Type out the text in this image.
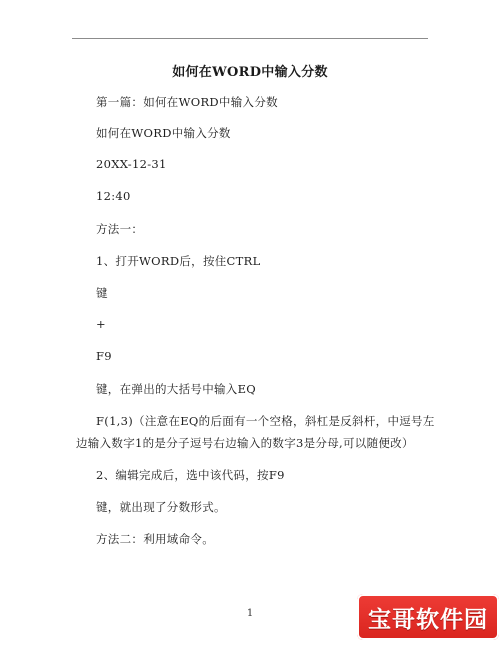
如何在WORD中输入分数
第一篇：如何在WORD中输入分数
如何在WORD中输入分数
20XX-12-31
12:40
方法一：
1、打开WORD后，按住CTRL
键
+
F9
键，在弹出的大括号中输入EQ
F(1,3)（注意在EQ的后面有一个空格，斜杠是反斜杆，中逗号左
边输入数字1的是分子逗号右边输入的数字3是分母,可以随便改）
2、编辑完成后，选中该代码，按F9
键，就出现了分数形式。
方法二：利用域命令。
1	宝哥软件园
